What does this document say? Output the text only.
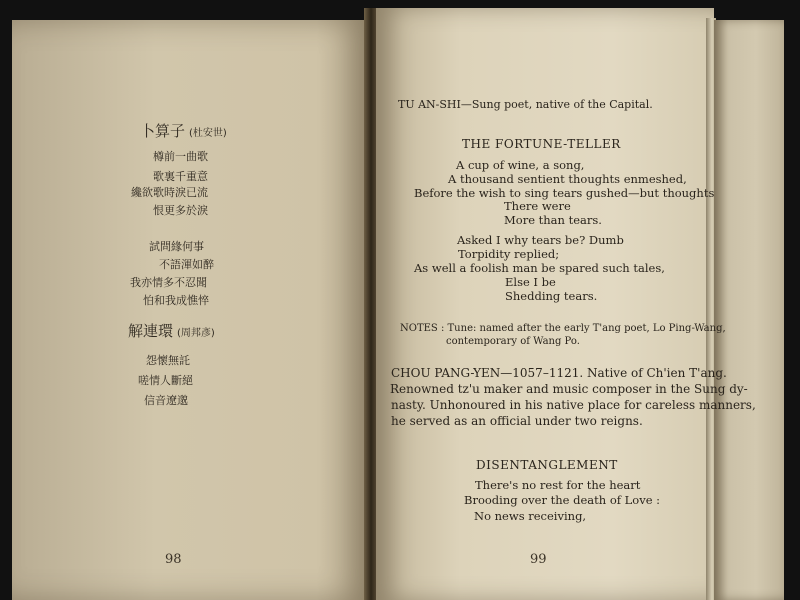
卜算子 (杜安世)
樽前一曲歌
歌裏千重意
纔欲歌時淚已流
恨更多於淚
試問緣何事
不語渾如醉
我亦情多不忍聞
怕和我成憔悴
解連環 (周邦彥)
怨懷無託
嗟情人斷絕
信音遼邈
98
TU AN-SHI—Sung poet, native of the Capital.
THE FORTUNE-TELLER
A cup of wine, a song,
A thousand sentient thoughts enmeshed,
Before the wish to sing tears gushed—but thoughts
There were
More than tears.
Asked I why tears be? Dumb
Torpidity replied;
As well a foolish man be spared such tales,
Else I be
Shedding tears.
NOTES : Tune: named after the early T'ang poet, Lo Ping-Wang,
contemporary of Wang Po.
CHOU PANG-YEN—1057–1121. Native of Ch'ien T'ang.
Renowned tz'u maker and music composer in the Sung dy-
nasty. Unhonoured in his native place for careless manners,
he served as an official under two reigns.
DISENTANGLEMENT
There's no rest for the heart
Brooding over the death of Love :
No news receiving,
99
